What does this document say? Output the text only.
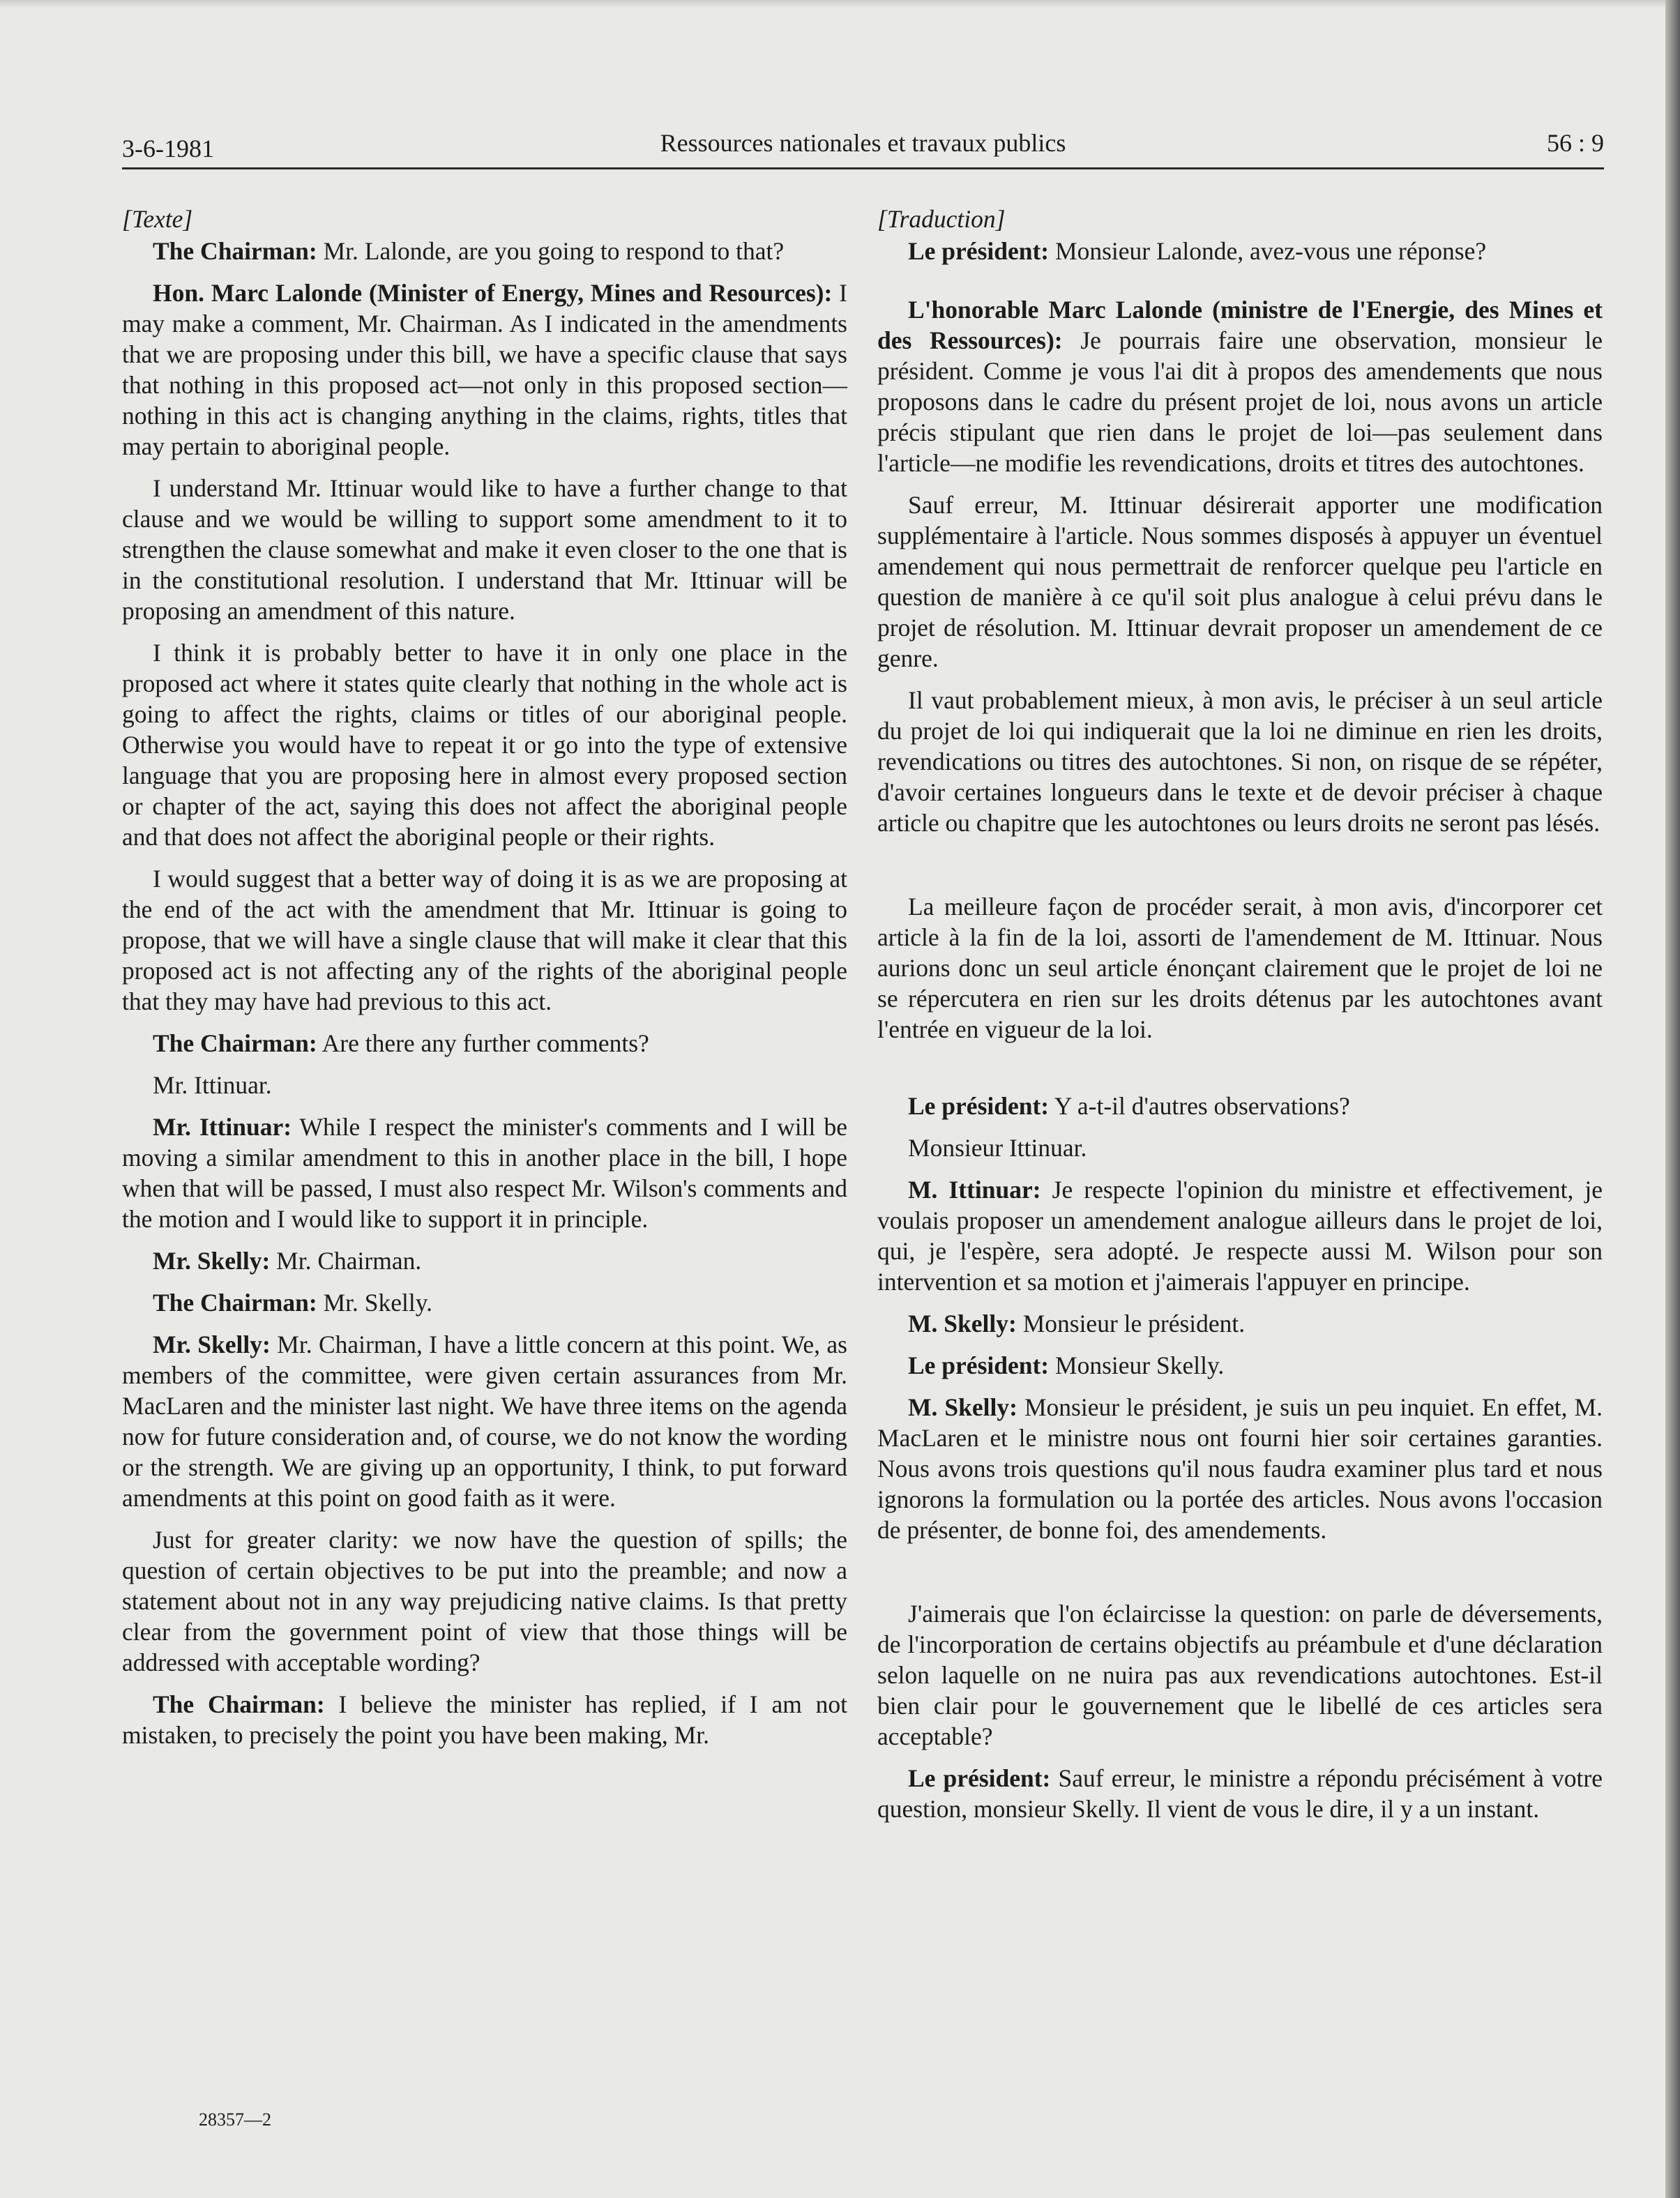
3-6-1981	Ressources nationales et travaux publics	56 : 9

[Texte]

The Chairman: Mr. Lalonde, are you going to respond to that?

Hon. Marc Lalonde (Minister of Energy, Mines and Resources): I may make a comment, Mr. Chairman. As I indicated in the amendments that we are proposing under this bill, we have a specific clause that says that nothing in this proposed act—not only in this proposed section—nothing in this act is changing anything in the claims, rights, titles that may pertain to aboriginal people.

I understand Mr. Ittinuar would like to have a further change to that clause and we would be willing to support some amendment to it to strengthen the clause somewhat and make it even closer to the one that is in the constitutional resolution. I understand that Mr. Ittinuar will be proposing an amendment of this nature.

I think it is probably better to have it in only one place in the proposed act where it states quite clearly that nothing in the whole act is going to affect the rights, claims or titles of our aboriginal people. Otherwise you would have to repeat it or go into the type of extensive language that you are proposing here in almost every proposed section or chapter of the act, saying this does not affect the aboriginal people and that does not affect the aboriginal people or their rights.

I would suggest that a better way of doing it is as we are proposing at the end of the act with the amendment that Mr. Ittinuar is going to propose, that we will have a single clause that will make it clear that this proposed act is not affecting any of the rights of the aboriginal people that they may have had previous to this act.

The Chairman: Are there any further comments?

Mr. Ittinuar.

Mr. Ittinuar: While I respect the minister's comments and I will be moving a similar amendment to this in another place in the bill, I hope when that will be passed, I must also respect Mr. Wilson's comments and the motion and I would like to support it in principle.

Mr. Skelly: Mr. Chairman.

The Chairman: Mr. Skelly.

Mr. Skelly: Mr. Chairman, I have a little concern at this point. We, as members of the committee, were given certain assurances from Mr. MacLaren and the minister last night. We have three items on the agenda now for future consideration and, of course, we do not know the wording or the strength. We are giving up an opportunity, I think, to put forward amendments at this point on good faith as it were.

Just for greater clarity: we now have the question of spills; the question of certain objectives to be put into the preamble; and now a statement about not in any way prejudicing native claims. Is that pretty clear from the government point of view that those things will be addressed with acceptable wording?

The Chairman: I believe the minister has replied, if I am not mistaken, to precisely the point you have been making, Mr.

[Traduction]

Le président: Monsieur Lalonde, avez-vous une réponse?

L'honorable Marc Lalonde (ministre de l'Energie, des Mines et des Ressources): Je pourrais faire une observation, monsieur le président. Comme je vous l'ai dit à propos des amendements que nous proposons dans le cadre du présent projet de loi, nous avons un article précis stipulant que rien dans le projet de loi—pas seulement dans l'article—ne modifie les revendications, droits et titres des autochtones.

Sauf erreur, M. Ittinuar désirerait apporter une modification supplémentaire à l'article. Nous sommes disposés à appuyer un éventuel amendement qui nous permettrait de renforcer quelque peu l'article en question de manière à ce qu'il soit plus analogue à celui prévu dans le projet de résolution. M. Ittinuar devrait proposer un amendement de ce genre.

Il vaut probablement mieux, à mon avis, le préciser à un seul article du projet de loi qui indiquerait que la loi ne diminue en rien les droits, revendications ou titres des autochtones. Si non, on risque de se répéter, d'avoir certaines longueurs dans le texte et de devoir préciser à chaque article ou chapitre que les autochtones ou leurs droits ne seront pas lésés.

La meilleure façon de procéder serait, à mon avis, d'incorporer cet article à la fin de la loi, assorti de l'amendement de M. Ittinuar. Nous aurions donc un seul article énonçant clairement que le projet de loi ne se répercutera en rien sur les droits détenus par les autochtones avant l'entrée en vigueur de la loi.

Le président: Y a-t-il d'autres observations?

Monsieur Ittinuar.

M. Ittinuar: Je respecte l'opinion du ministre et effectivement, je voulais proposer un amendement analogue ailleurs dans le projet de loi, qui, je l'espère, sera adopté. Je respecte aussi M. Wilson pour son intervention et sa motion et j'aimerais l'appuyer en principe.

M. Skelly: Monsieur le président.

Le président: Monsieur Skelly.

M. Skelly: Monsieur le président, je suis un peu inquiet. En effet, M. MacLaren et le ministre nous ont fourni hier soir certaines garanties. Nous avons trois questions qu'il nous faudra examiner plus tard et nous ignorons la formulation ou la portée des articles. Nous avons l'occasion de présenter, de bonne foi, des amendements.

J'aimerais que l'on éclaircisse la question: on parle de déversements, de l'incorporation de certains objectifs au préambule et d'une déclaration selon laquelle on ne nuira pas aux revendications autochtones. Est-il bien clair pour le gouvernement que le libellé de ces articles sera acceptable?

Le président: Sauf erreur, le ministre a répondu précisément à votre question, monsieur Skelly. Il vient de vous le dire, il y a un instant.

28357—2
